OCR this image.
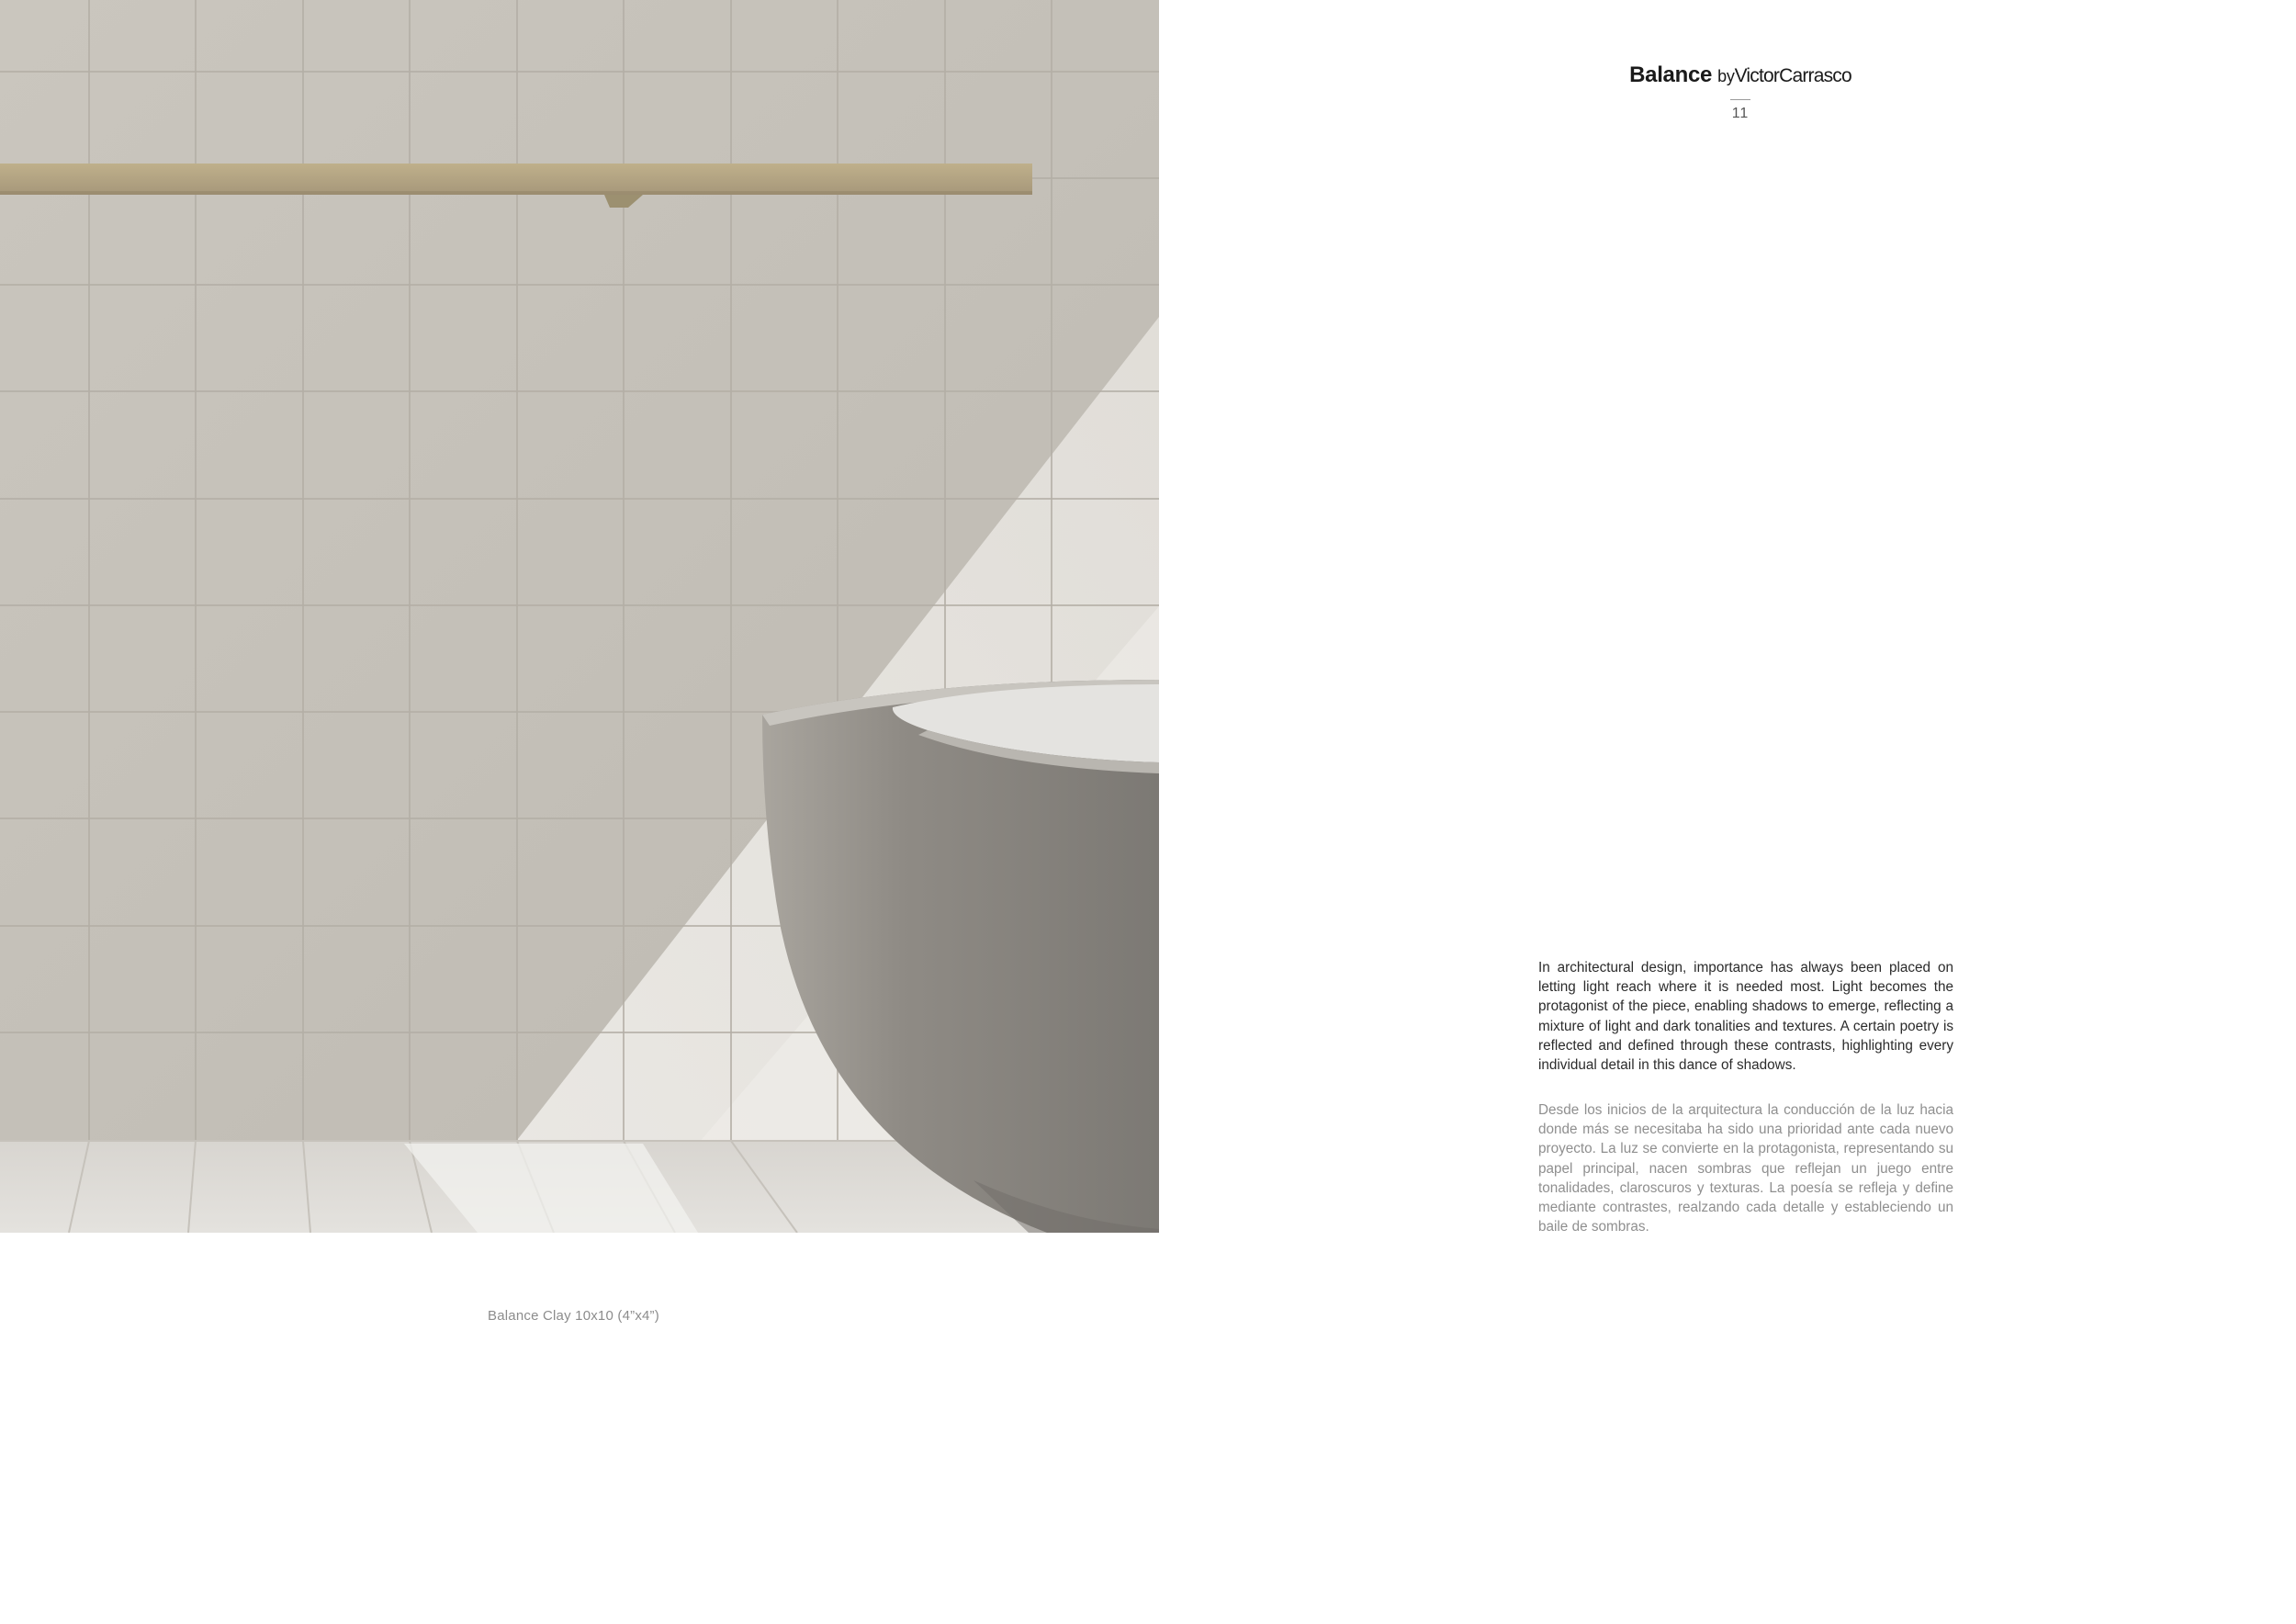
Balance Clay 10x10 (4”x4”)
Balance byVictorCarrasco
11

In architectural design, importance has always been placed on letting light reach where it is needed most. Light becomes the protagonist of the piece, enabling shadows to emerge, reflecting a mixture of light and dark tonalities and textures. A certain poetry is reflected and defined through these contrasts, highlighting every individual detail in this dance of shadows.

Desde los inicios de la arquitectura la conducción de la luz hacia donde más se necesitaba ha sido una prioridad ante cada nuevo proyecto. La luz se convierte en la protagonista, representando su papel principal, nacen sombras que reflejan un juego entre tonalidades, claroscuros y texturas. La poesía se refleja y define mediante contrastes, realzando cada detalle y estableciendo un baile de sombras.
